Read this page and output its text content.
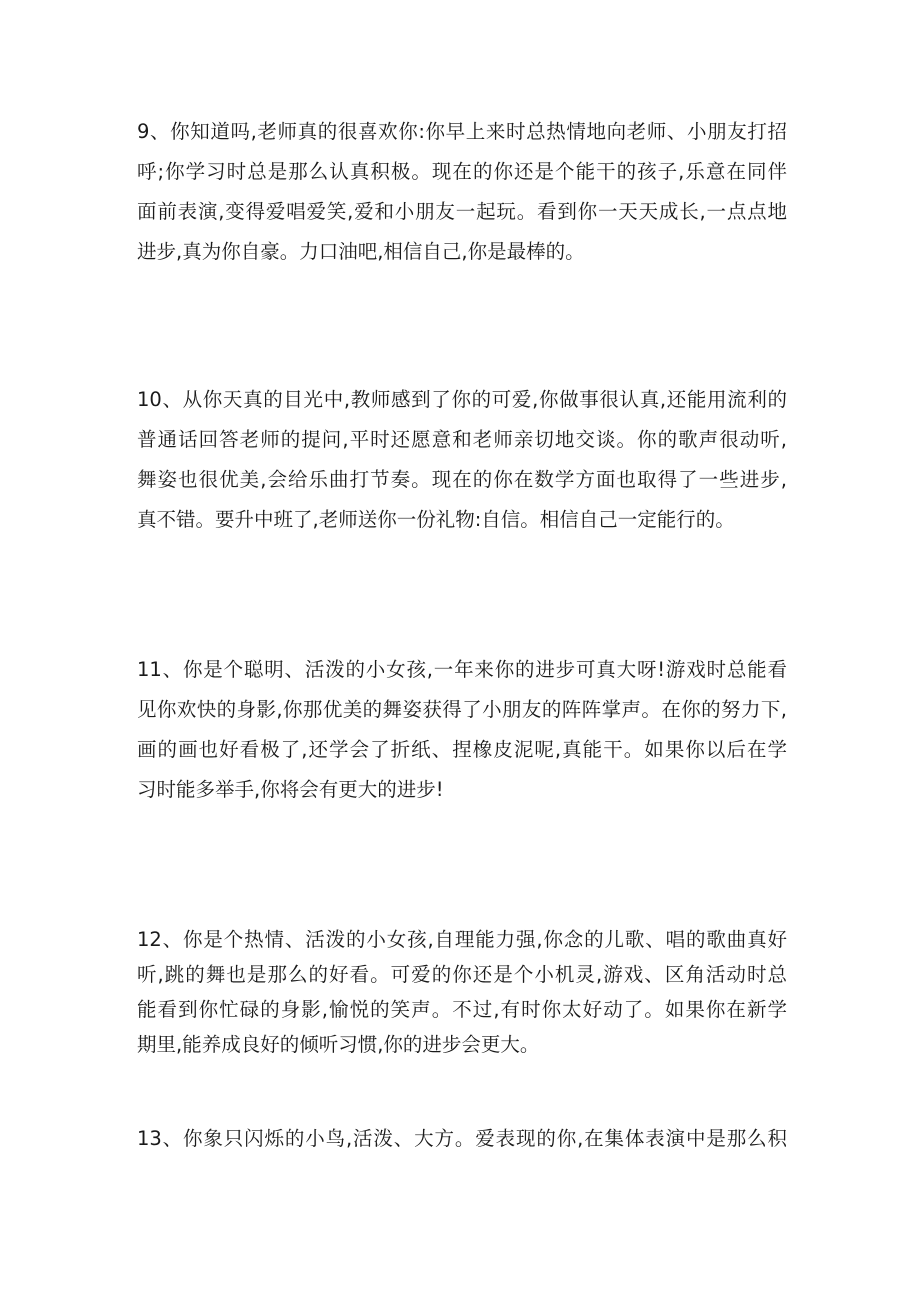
9、你知道吗,老师真的很喜欢你:你早上来时总热情地向老师、小朋友打招
呼;你学习时总是那么认真积极。现在的你还是个能干的孩子,乐意在同伴
面前表演,变得爱唱爱笑,爱和小朋友一起玩。看到你一天天成长,一点点地
进步,真为你自豪。力口油吧,相信自己,你是最棒的。

10、从你天真的目光中,教师感到了你的可爱,你做事很认真,还能用流利的
普通话回答老师的提问,平时还愿意和老师亲切地交谈。你的歌声很动听,
舞姿也很优美,会给乐曲打节奏。现在的你在数学方面也取得了一些进步,
真不错。要升中班了,老师送你一份礼物:自信。相信自己一定能行的。

11、你是个聪明、活泼的小女孩,一年来你的进步可真大呀!游戏时总能看
见你欢快的身影,你那优美的舞姿获得了小朋友的阵阵掌声。在你的努力下,
画的画也好看极了,还学会了折纸、捏橡皮泥呢,真能干。如果你以后在学
习时能多举手,你将会有更大的进步!

12、你是个热情、活泼的小女孩,自理能力强,你念的儿歌、唱的歌曲真好
听,跳的舞也是那么的好看。可爱的你还是个小机灵,游戏、区角活动时总
能看到你忙碌的身影,愉悦的笑声。不过,有时你太好动了。如果你在新学
期里,能养成良好的倾听习惯,你的进步会更大。

13、你象只闪烁的小鸟,活泼、大方。爱表现的你,在集体表演中是那么积
